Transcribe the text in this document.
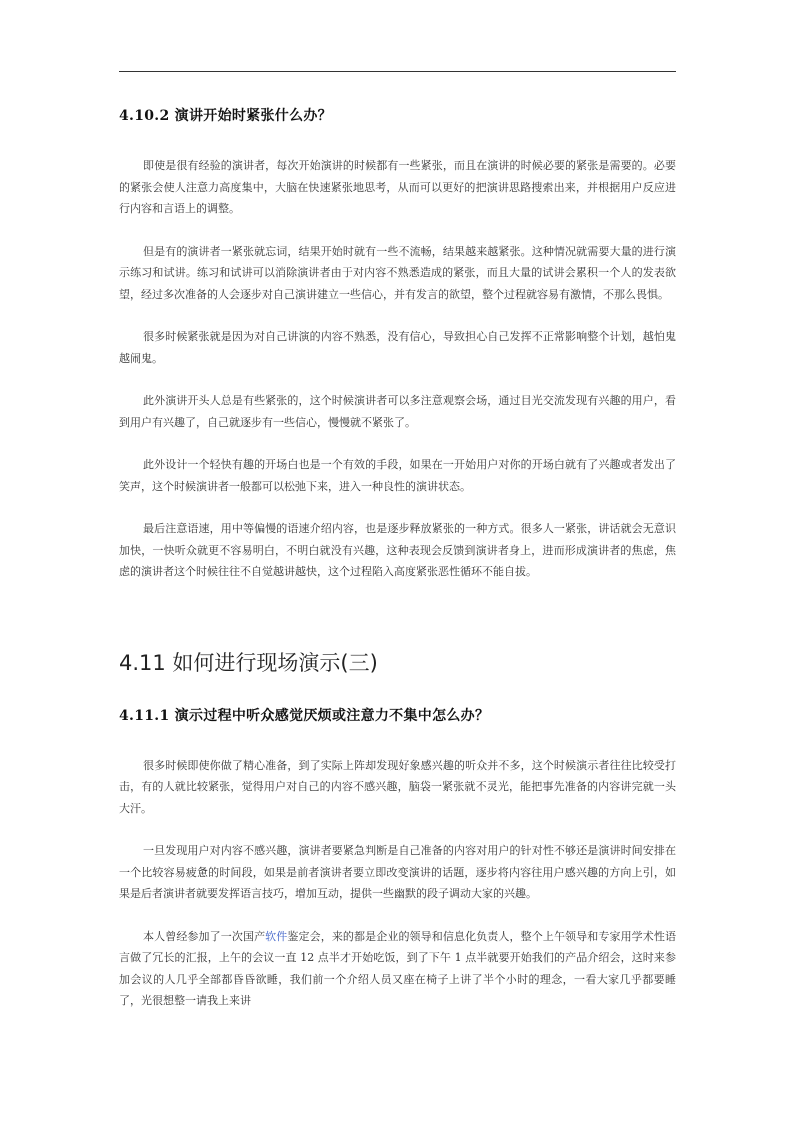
4.10.2 演讲开始时紧张什么办？

即使是很有经验的演讲者，每次开始演讲的时候都有一些紧张，而且在演讲的时候必要的紧张是需要的。必要的紧张会使人注意力高度集中，大脑在快速紧张地思考，从而可以更好的把演讲思路搜索出来，并根据用户反应进行内容和言语上的调整。

但是有的演讲者一紧张就忘词，结果开始时就有一些不流畅，结果越来越紧张。这种情况就需要大量的进行演示练习和试讲。练习和试讲可以消除演讲者由于对内容不熟悉造成的紧张，而且大量的试讲会累积一个人的发表欲望，经过多次准备的人会逐步对自己演讲建立一些信心，并有发言的欲望，整个过程就容易有激情，不那么畏惧。

很多时候紧张就是因为对自己讲演的内容不熟悉，没有信心，导致担心自己发挥不正常影响整个计划，越怕鬼越闹鬼。

此外演讲开头人总是有些紧张的，这个时候演讲者可以多注意观察会场，通过目光交流发现有兴趣的用户，看到用户有兴趣了，自己就逐步有一些信心，慢慢就不紧张了。

此外设计一个轻快有趣的开场白也是一个有效的手段，如果在一开始用户对你的开场白就有了兴趣或者发出了笑声，这个时候演讲者一般都可以松弛下来，进入一种良性的演讲状态。

最后注意语速，用中等偏慢的语速介绍内容，也是逐步释放紧张的一种方式。很多人一紧张，讲话就会无意识加快，一快听众就更不容易明白，不明白就没有兴趣，这种表现会反馈到演讲者身上，进而形成演讲者的焦虑，焦虑的演讲者这个时候往往不自觉越讲越快，这个过程陷入高度紧张恶性循环不能自拔。

4.11 如何进行现场演示(三)
4.11.1 演示过程中听众感觉厌烦或注意力不集中怎么办？

很多时候即使你做了精心准备，到了实际上阵却发现好象感兴趣的听众并不多，这个时候演示者往往比较受打击，有的人就比较紧张，觉得用户对自己的内容不感兴趣，脑袋一紧张就不灵光，能把事先准备的内容讲完就一头大汗。

一旦发现用户对内容不感兴趣，演讲者要紧急判断是自己准备的内容对用户的针对性不够还是演讲时间安排在一个比较容易疲惫的时间段，如果是前者演讲者要立即改变演讲的话题，逐步将内容往用户感兴趣的方向上引，如果是后者演讲者就要发挥语言技巧，增加互动，提供一些幽默的段子调动大家的兴趣。

本人曾经参加了一次国产软件鉴定会，来的都是企业的领导和信息化负责人，整个上午领导和专家用学术性语言做了冗长的汇报，上午的会议一直 12 点半才开始吃饭，到了下午 1 点半就要开始我们的产品介绍会，这时来参加会议的人几乎全部都昏昏欲睡，我们前一个介绍人员又座在椅子上讲了半个小时的理念，一看大家几乎都要睡了，光很想整一请我上来讲
